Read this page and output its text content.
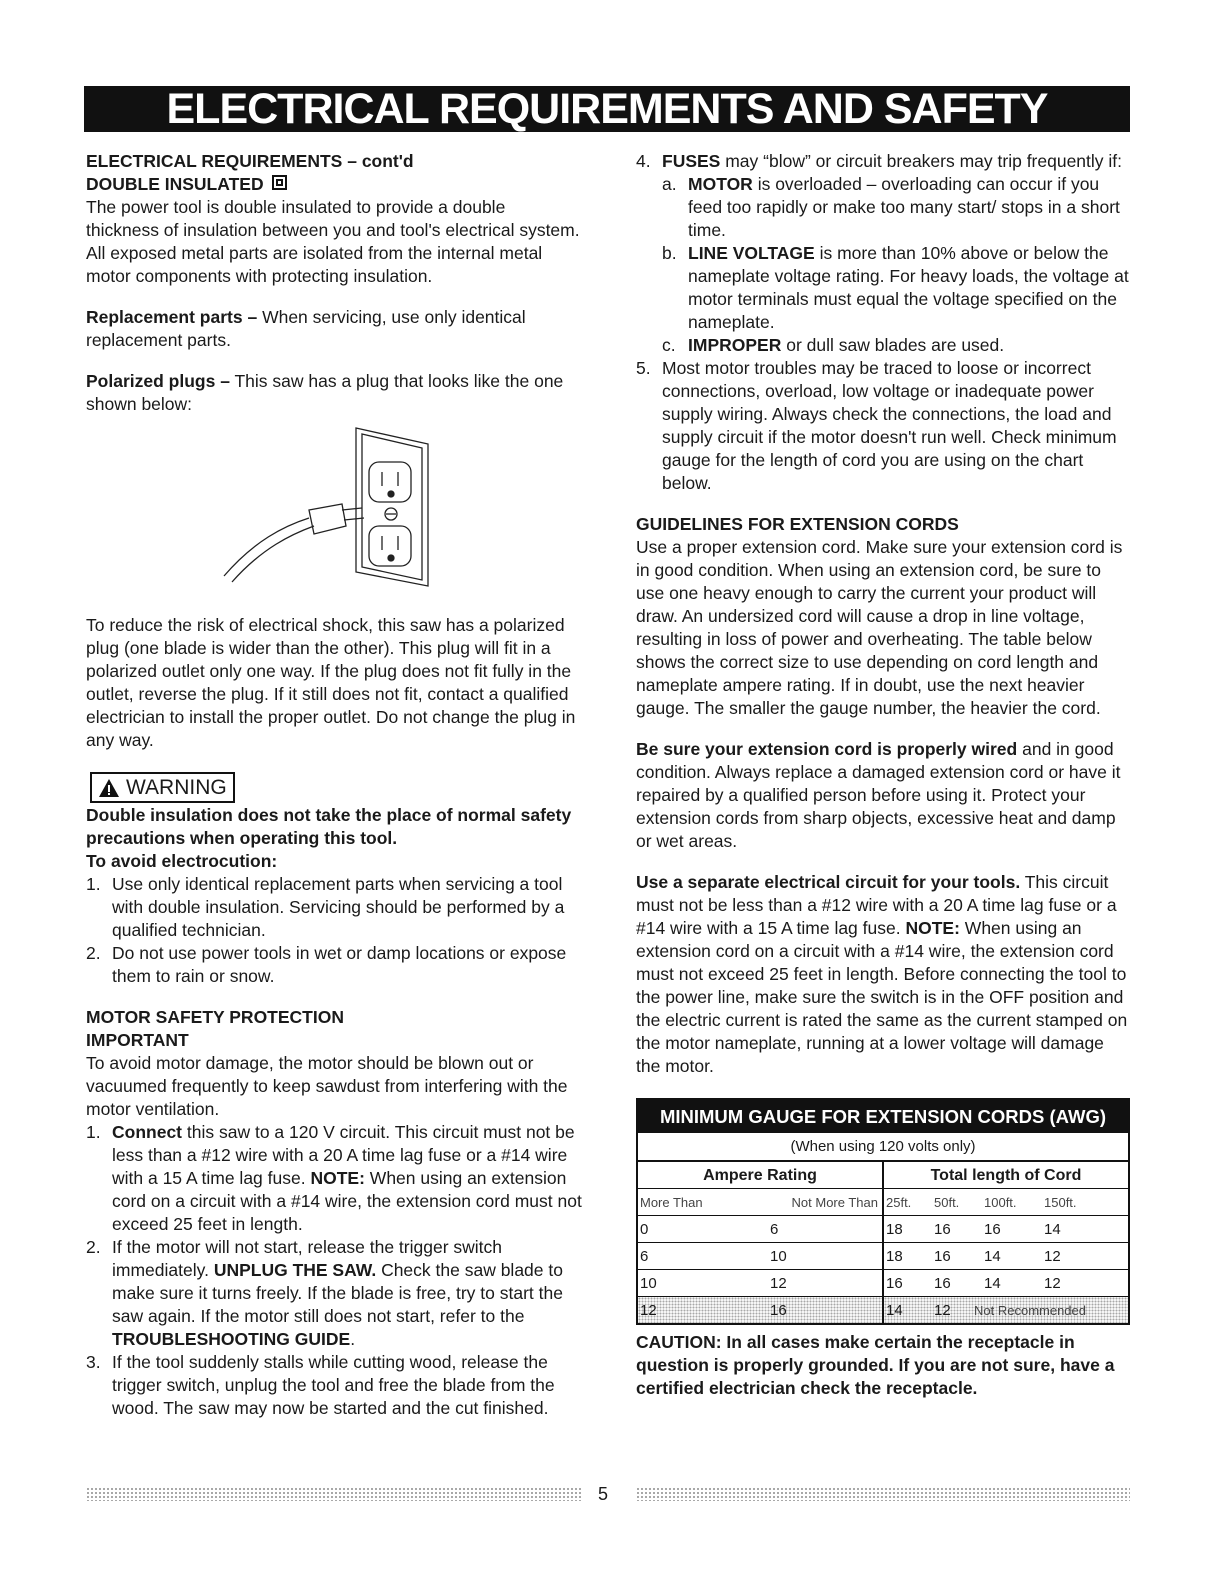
ELECTRICAL REQUIREMENTS AND SAFETY

ELECTRICAL REQUIREMENTS – cont'd

DOUBLE INSULATED

The power tool is double insulated to provide a double thickness of insulation between you and tool's electrical system. All exposed metal parts are isolated from the internal metal motor components with protecting insulation.

Replacement parts – When servicing, use only identical replacement parts.

Polarized plugs – This saw has a plug that looks like the one shown below:

To reduce the risk of electrical shock, this saw has a polarized plug (one blade is wider than the other). This plug will fit in a polarized outlet only one way. If the plug does not fit fully in the outlet, reverse the plug. If it still does not fit, contact a qualified electrician to install the proper outlet. Do not change the plug in any way.

WARNING

Double insulation does not take the place of normal safety precautions when operating this tool.

To avoid electrocution:

1. Use only identical replacement parts when servicing a tool with double insulation. Servicing should be performed by a qualified technician.
2. Do not use power tools in wet or damp locations or expose them to rain or snow.

MOTOR SAFETY PROTECTION

IMPORTANT

To avoid motor damage, the motor should be blown out or vacuumed frequently to keep sawdust from interfering with the motor ventilation.

1. Connect this saw to a 120 V circuit. This circuit must not be less than a #12 wire with a 20 A time lag fuse or a #14 wire with a 15 A time lag fuse. NOTE: When using an extension cord on a circuit with a #14 wire, the extension cord must not exceed 25 feet in length.
2. If the motor will not start, release the trigger switch immediately. UNPLUG THE SAW. Check the saw blade to make sure it turns freely. If the blade is free, try to start the saw again. If the motor still does not start, refer to the TROUBLESHOOTING GUIDE.
3. If the tool suddenly stalls while cutting wood, release the trigger switch, unplug the tool and free the blade from the wood. The saw may now be started and the cut finished.
4. FUSES may “blow” or circuit breakers may trip frequently if:
a. MOTOR is overloaded – overloading can occur if you feed too rapidly or make too many start/ stops in a short time.
b. LINE VOLTAGE is more than 10% above or below the nameplate voltage rating. For heavy loads, the voltage at motor terminals must equal the voltage specified on the nameplate.
c. IMPROPER or dull saw blades are used.
5. Most motor troubles may be traced to loose or incorrect connections, overload, low voltage or inadequate power supply wiring. Always check the connections, the load and supply circuit if the motor doesn't run well. Check minimum gauge for the length of cord you are using on the chart below.

GUIDELINES FOR EXTENSION CORDS

Use a proper extension cord. Make sure your extension cord is in good condition. When using an extension cord, be sure to use one heavy enough to carry the current your product will draw. An undersized cord will cause a drop in line voltage, resulting in loss of power and overheating. The table below shows the correct size to use depending on cord length and nameplate ampere rating. If in doubt, use the next heavier gauge. The smaller the gauge number, the heavier the cord.

Be sure your extension cord is properly wired and in good condition. Always replace a damaged extension cord or have it repaired by a qualified person before using it. Protect your extension cords from sharp objects, excessive heat and damp or wet areas.

Use a separate electrical circuit for your tools. This circuit must not be less than a #12 wire with a 20 A time lag fuse or a #14 wire with a 15 A time lag fuse. NOTE: When using an extension cord on a circuit with a #14 wire, the extension cord must not exceed 25 feet in length. Before connecting the tool to the power line, make sure the switch is in the OFF position and the electric current is rated the same as the current stamped on the motor nameplate, running at a lower voltage will damage the motor.

MINIMUM GAUGE FOR EXTENSION CORDS (AWG)
(When using 120 volts only)
Ampere Rating	Total length of Cord
More Than	Not More Than 25ft.	50ft.	100ft.	150ft.
0	6	18	16	16	14
6	10	18	16	14	12
10	12	16	16	14	12
12	16	14	12	Not Recommended

CAUTION: In all cases make certain the receptacle in question is properly grounded. If you are not sure, have a certified electrician check the receptacle.

5
